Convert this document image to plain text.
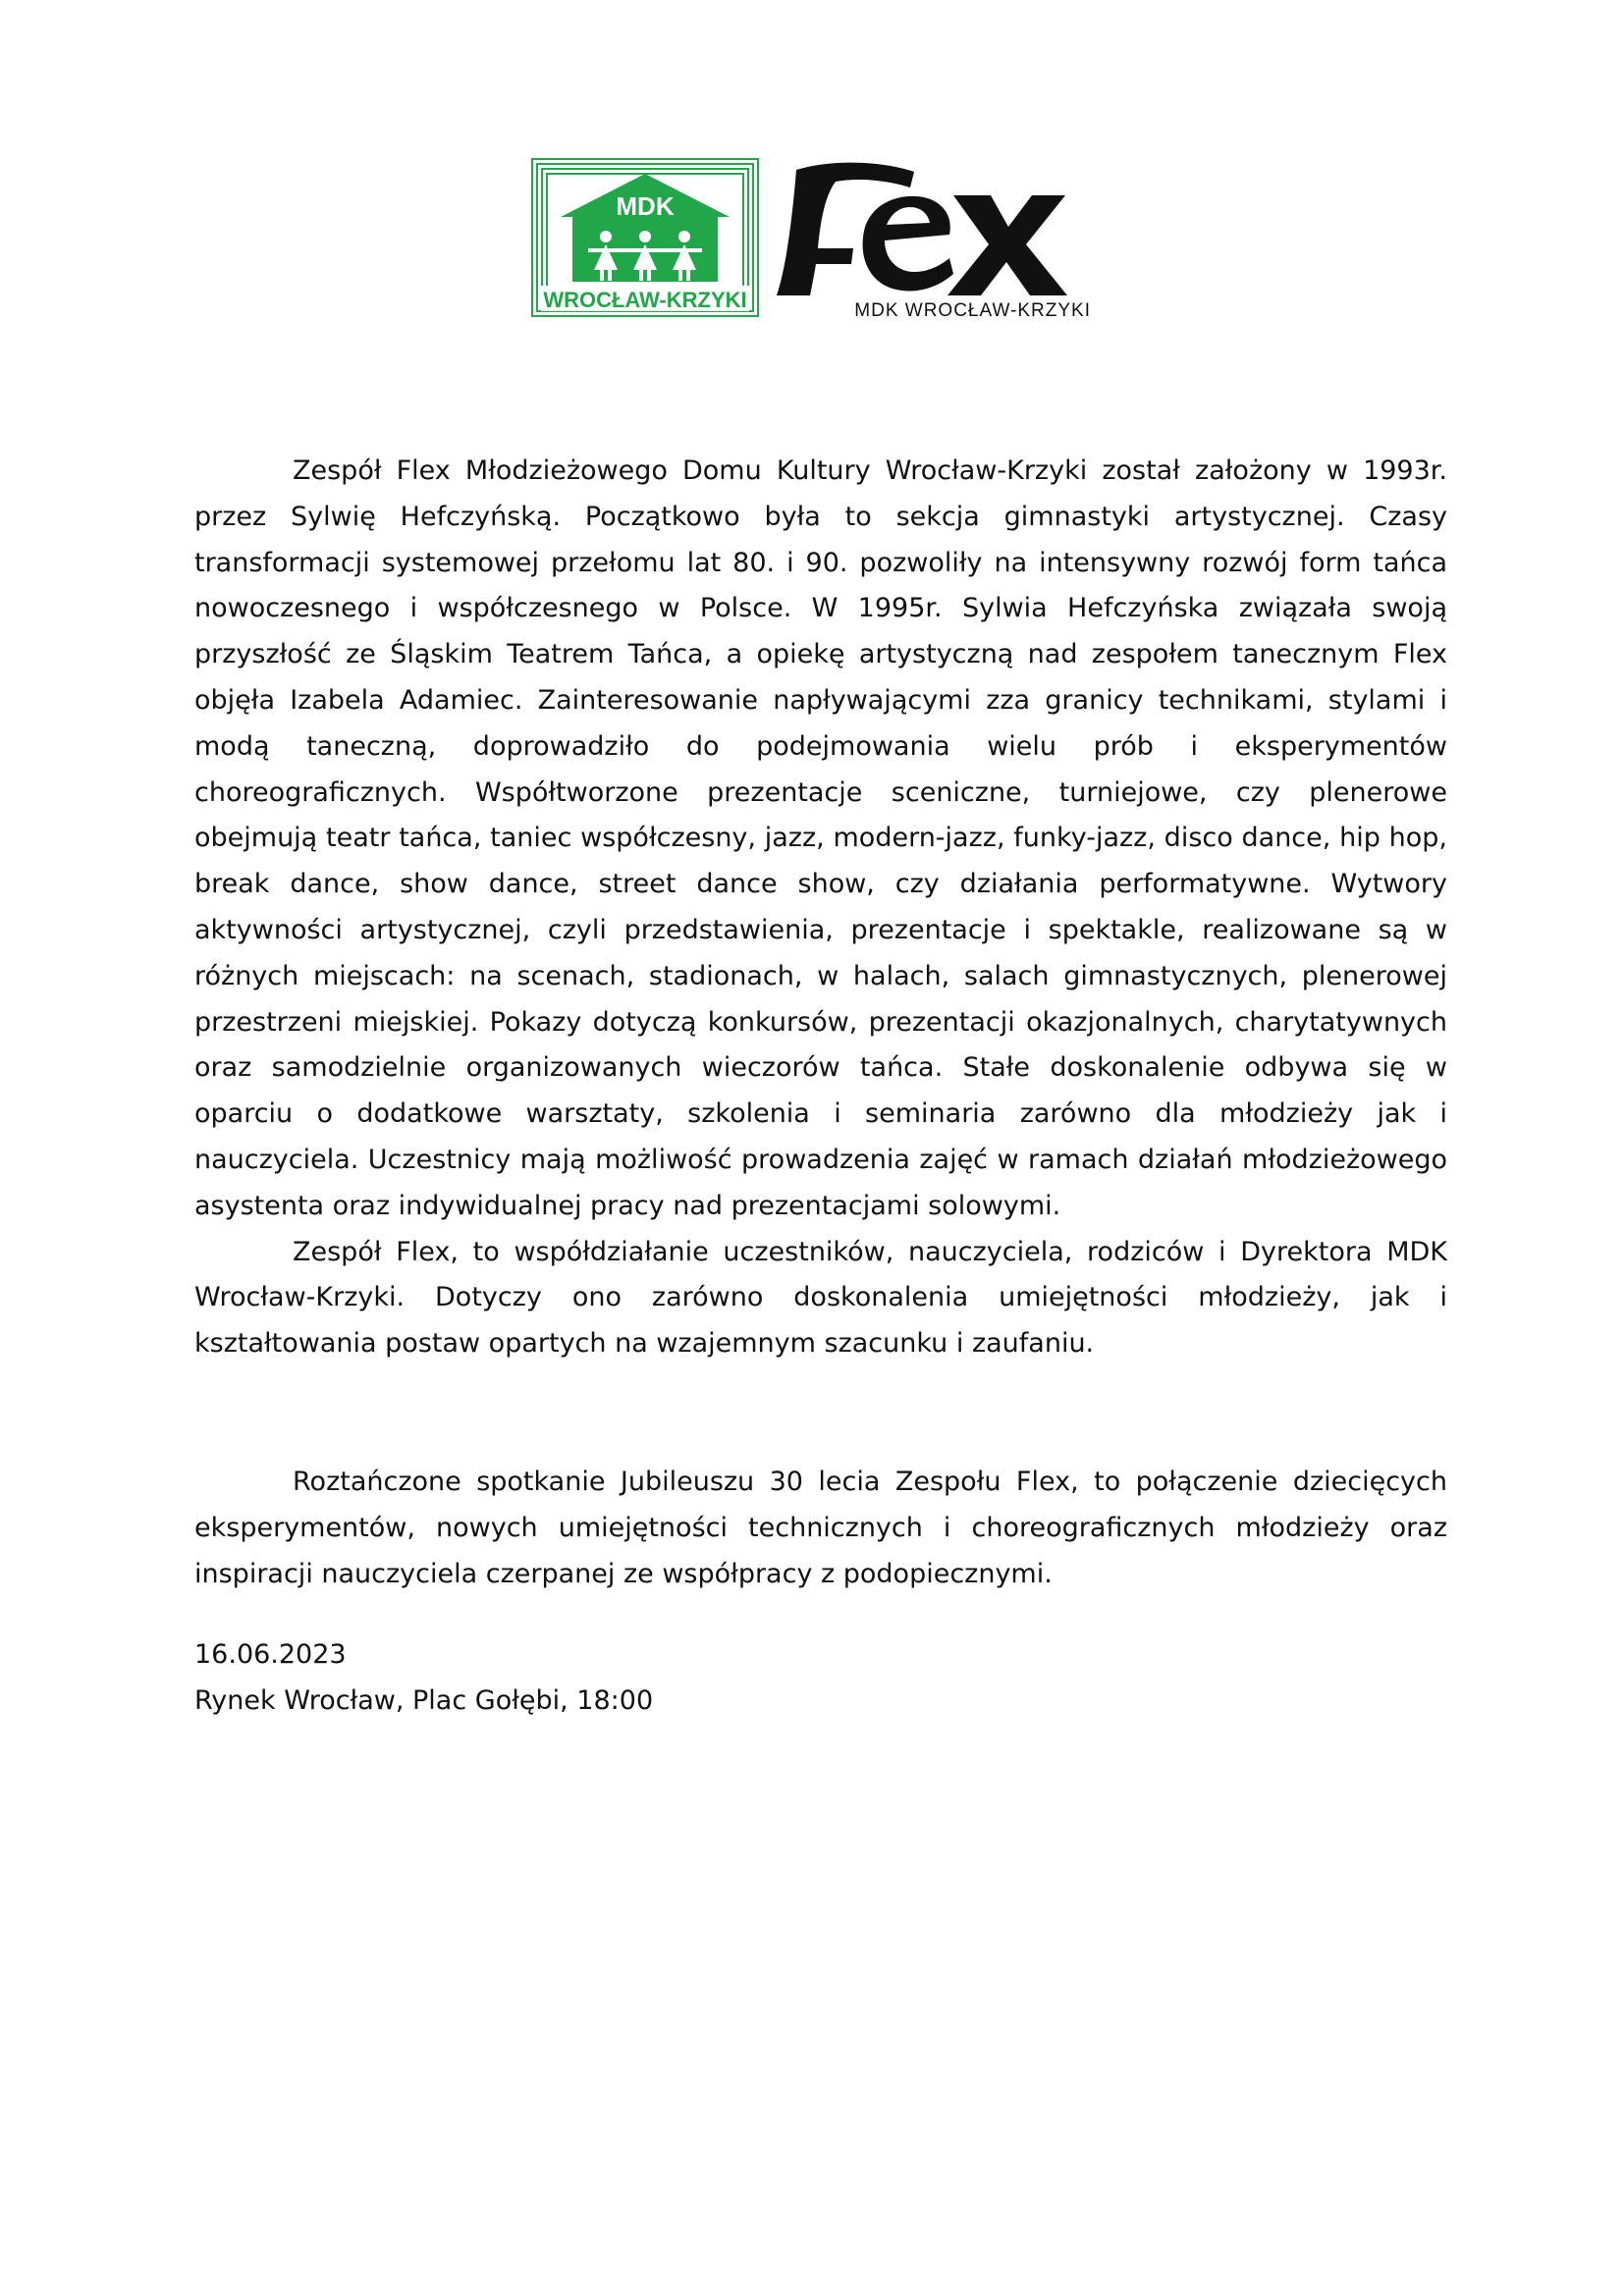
MDK
WROCŁAW-KRZYKI	MDK WROCŁAW-KRZYKI

Zespół Flex Młodzieżowego Domu Kultury Wrocław-Krzyki został założony w 1993r. przez Sylwię Hefczyńską. Początkowo była to sekcja gimnastyki artystycznej. Czasy transformacji systemowej przełomu lat 80. i 90. pozwoliły na intensywny rozwój form tańca nowoczesnego i współczesnego w Polsce. W 1995r. Sylwia Hefczyńska związała swoją przyszłość ze Śląskim Teatrem Tańca, a opiekę artystyczną nad zespołem tanecznym Flex objęła Izabela Adamiec. Zainteresowanie napływającymi zza granicy technikami, stylami i modą taneczną, doprowadziło do podejmowania wielu prób i eksperymentów choreograficznych. Współtworzone prezentacje sceniczne, turniejowe, czy plenerowe obejmują teatr tańca, taniec współczesny, jazz, modern-jazz, funky-jazz, disco dance, hip hop, break dance, show dance, street dance show, czy działania performatywne. Wytwory aktywności artystycznej, czyli przedstawienia, prezentacje i spektakle, realizowane są w różnych miejscach: na scenach, stadionach, w halach, salach gimnastycznych, plenerowej przestrzeni miejskiej. Pokazy dotyczą konkursów, prezentacji okazjonalnych, charytatywnych oraz samodzielnie organizowanych wieczorów tańca. Stałe doskonalenie odbywa się w oparciu o dodatkowe warsztaty, szkolenia i seminaria zarówno dla młodzieży jak i nauczyciela. Uczestnicy mają możliwość prowadzenia zajęć w ramach działań młodzieżowego asystenta oraz indywidualnej pracy nad prezentacjami solowymi.

Zespół Flex, to współdziałanie uczestników, nauczyciela, rodziców i Dyrektora MDK Wrocław-Krzyki. Dotyczy ono zarówno doskonalenia umiejętności młodzieży, jak i kształtowania postaw opartych na wzajemnym szacunku i zaufaniu.

Roztańczone spotkanie Jubileuszu 30 lecia Zespołu Flex, to połączenie dziecięcych eksperymentów, nowych umiejętności technicznych i choreograficznych młodzieży oraz inspiracji nauczyciela czerpanej ze współpracy z podopiecznymi.

16.06.2023
Rynek Wrocław, Plac Gołębi, 18:00
